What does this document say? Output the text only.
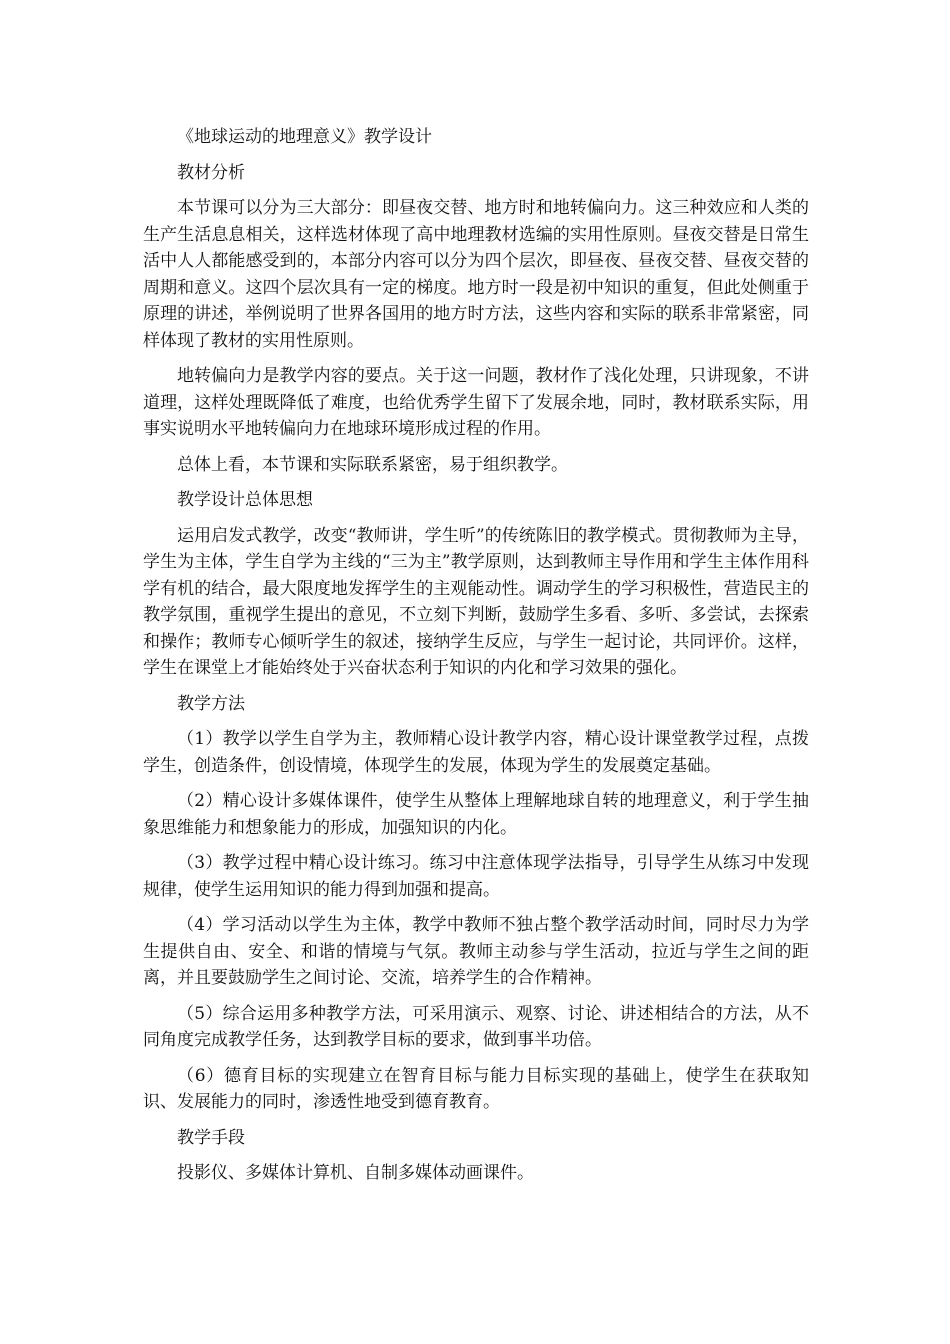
《地球运动的地理意义》教学设计

教材分析

本节课可以分为三大部分：即昼夜交替、地方时和地转偏向力。这三种效应和人类的生产生活息息相关，这样选材体现了高中地理教材选编的实用性原则。昼夜交替是日常生活中人人都能感受到的，本部分内容可以分为四个层次，即昼夜、昼夜交替、昼夜交替的周期和意义。这四个层次具有一定的梯度。地方时一段是初中知识的重复，但此处侧重于原理的讲述，举例说明了世界各国用的地方时方法，这些内容和实际的联系非常紧密，同样体现了教材的实用性原则。

地转偏向力是教学内容的要点。关于这一问题，教材作了浅化处理，只讲现象，不讲道理，这样处理既降低了难度，也给优秀学生留下了发展余地，同时，教材联系实际，用事实说明水平地转偏向力在地球环境形成过程的作用。

总体上看，本节课和实际联系紧密，易于组织教学。

教学设计总体思想

运用启发式教学，改变“教师讲，学生听”的传统陈旧的教学模式。贯彻教师为主导，学生为主体，学生自学为主线的“三为主”教学原则，达到教师主导作用和学生主体作用科学有机的结合，最大限度地发挥学生的主观能动性。调动学生的学习积极性，营造民主的教学氛围，重视学生提出的意见，不立刻下判断，鼓励学生多看、多听、多尝试，去探索和操作；教师专心倾听学生的叙述，接纳学生反应，与学生一起讨论，共同评价。这样，学生在课堂上才能始终处于兴奋状态利于知识的内化和学习效果的强化。

教学方法

（1）教学以学生自学为主，教师精心设计教学内容，精心设计课堂教学过程，点拨学生，创造条件，创设情境，体现学生的发展，体现为学生的发展奠定基础。

（2）精心设计多媒体课件，使学生从整体上理解地球自转的地理意义，利于学生抽象思维能力和想象能力的形成，加强知识的内化。

（3）教学过程中精心设计练习。练习中注意体现学法指导，引导学生从练习中发现规律，使学生运用知识的能力得到加强和提高。

（4）学习活动以学生为主体，教学中教师不独占整个教学活动时间，同时尽力为学生提供自由、安全、和谐的情境与气氛。教师主动参与学生活动，拉近与学生之间的距离，并且要鼓励学生之间讨论、交流，培养学生的合作精神。

（5）综合运用多种教学方法，可采用演示、观察、讨论、讲述相结合的方法，从不同角度完成教学任务，达到教学目标的要求，做到事半功倍。

（6）德育目标的实现建立在智育目标与能力目标实现的基础上，使学生在获取知识、发展能力的同时，渗透性地受到德育教育。

教学手段

投影仪、多媒体计算机、自制多媒体动画课件。
